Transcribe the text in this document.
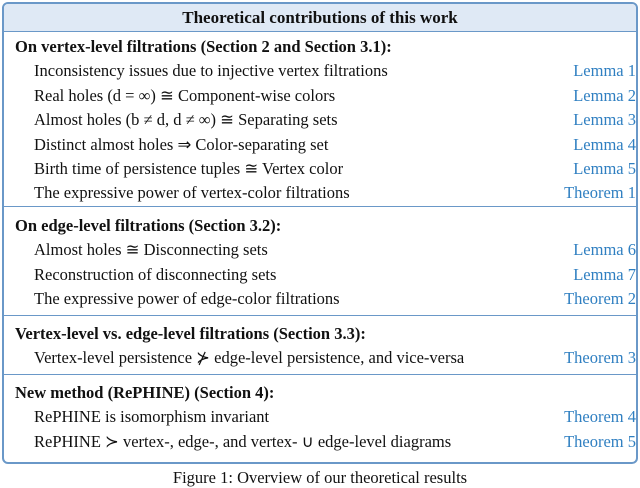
Theoretical contributions of this work
On vertex-level filtrations (Section 2 and Section 3.1):
Inconsistency issues due to injective vertex filtrations	Lemma 1
Real holes (d = ∞) ≅ Component-wise colors	Lemma 2
Almost holes (b ≠ d, d ≠ ∞) ≅ Separating sets	Lemma 3
Distinct almost holes ⇒ Color-separating set	Lemma 4
Birth time of persistence tuples ≅ Vertex color	Lemma 5
The expressive power of vertex-color filtrations	Theorem 1
On edge-level filtrations (Section 3.2):
Almost holes ≅ Disconnecting sets	Lemma 6
Reconstruction of disconnecting sets	Lemma 7
The expressive power of edge-color filtrations	Theorem 2
Vertex-level vs. edge-level filtrations (Section 3.3):
Vertex-level persistence ⊁ edge-level persistence, and vice-versa	Theorem 3
New method (RePHINE) (Section 4):
RePHINE is isomorphism invariant	Theorem 4
RePHINE ≻ vertex-, edge-, and vertex- ∪ edge-level diagrams	Theorem 5
Figure 1: Overview of our theoretical results
